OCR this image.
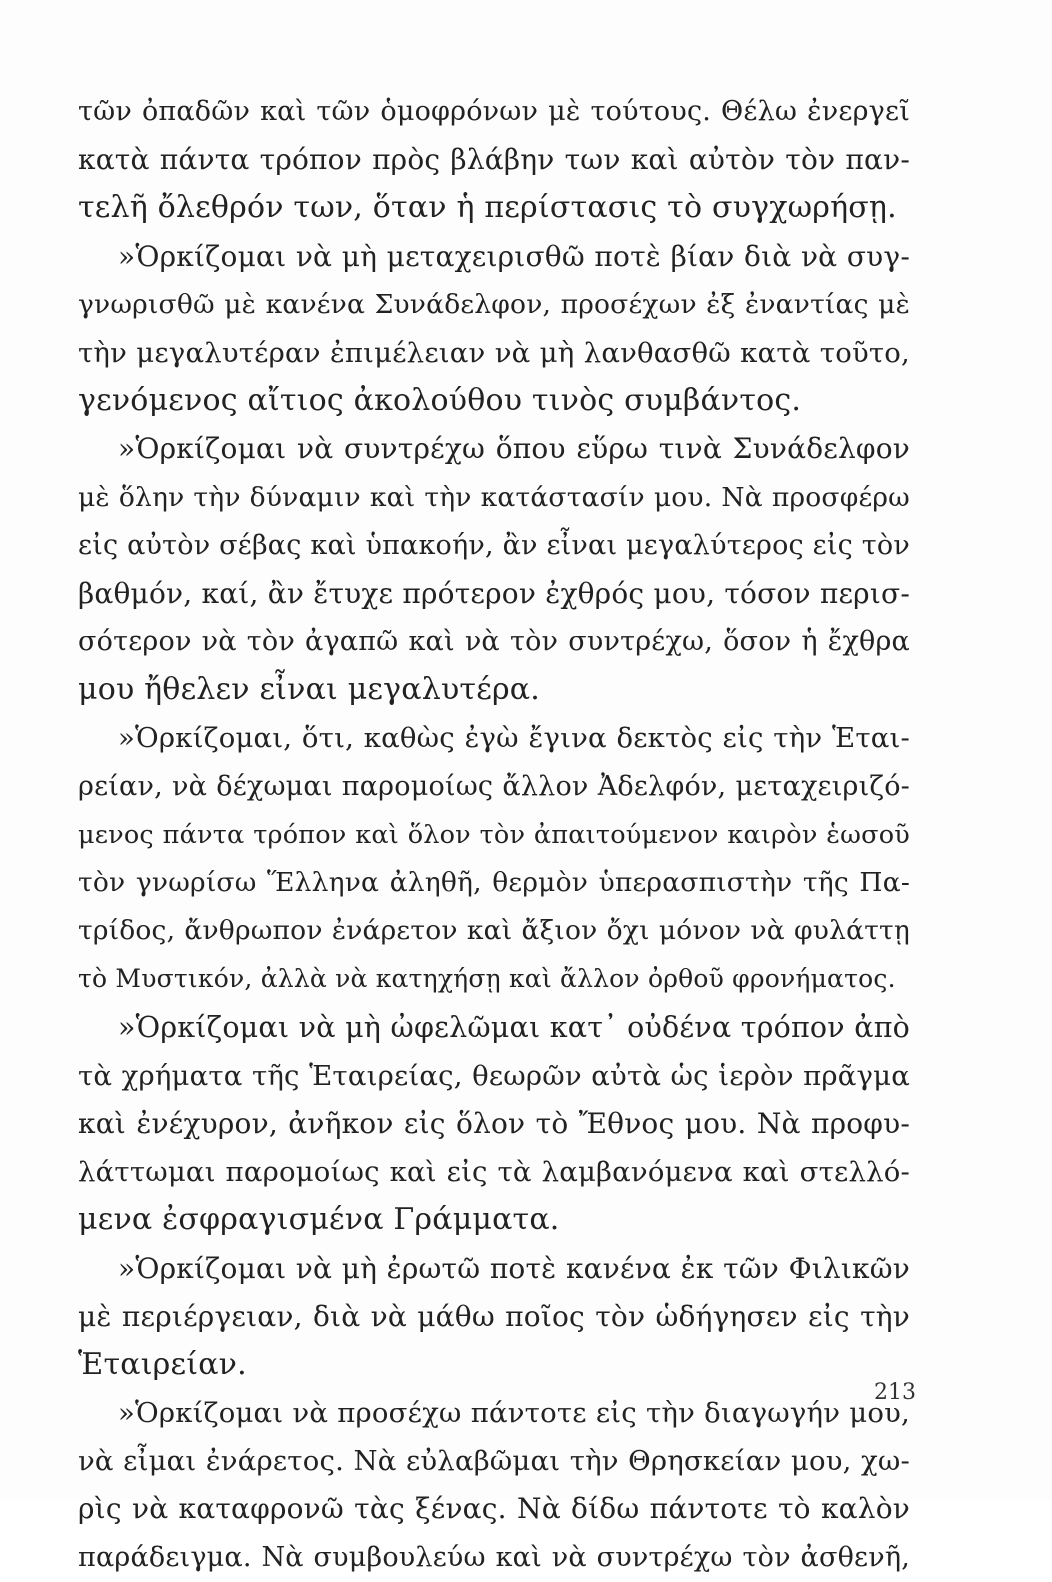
τῶν ὀπαδῶν καὶ τῶν ὁμοφρόνων μὲ τούτους. Θέλω ἐνεργεῖ
κατὰ πάντα τρόπον πρὸς βλάβην των καὶ αὐτὸν τὸν παν-
τελῆ ὄλεθρόν των, ὅταν ἡ περίστασις τὸ συγχωρήσῃ.
»Ὁρκίζομαι νὰ μὴ μεταχειρισθῶ ποτὲ βίαν διὰ νὰ συγ-
γνωρισθῶ μὲ κανένα Συνάδελφον, προσέχων ἐξ ἐναντίας μὲ
τὴν μεγαλυτέραν ἐπιμέλειαν νὰ μὴ λανθασθῶ κατὰ τοῦτο,
γενόμενος αἴτιος ἀκολούθου τινὸς συμβάντος.
»Ὁρκίζομαι νὰ συντρέχω ὅπου εὕρω τινὰ Συνάδελφον
μὲ ὅλην τὴν δύναμιν καὶ τὴν κατάστασίν μου. Νὰ προσφέρω
εἰς αὐτὸν σέβας καὶ ὑπακοήν, ἂν εἶναι μεγαλύτερος εἰς τὸν
βαθμόν, καί, ἂν ἔτυχε πρότερον ἐχθρός μου, τόσον περισ-
σότερον νὰ τὸν ἀγαπῶ καὶ νὰ τὸν συντρέχω, ὅσον ἡ ἔχθρα
μου ἤθελεν εἶναι μεγαλυτέρα.
»Ὁρκίζομαι, ὅτι, καθὼς ἐγὼ ἔγινα δεκτὸς εἰς τὴν Ἑται-
ρείαν, νὰ δέχωμαι παρομοίως ἄλλον Ἀδελφόν, μεταχειριζό-
μενος πάντα τρόπον καὶ ὅλον τὸν ἀπαιτούμενον καιρὸν ἑωσοῦ
τὸν γνωρίσω Ἕλληνα ἀληθῆ, θερμὸν ὑπερασπιστὴν τῆς Πα-
τρίδος, ἄνθρωπον ἐνάρετον καὶ ἄξιον ὄχι μόνον νὰ φυλάττῃ
τὸ Μυστικόν, ἀλλὰ νὰ κατηχήσῃ καὶ ἄλλον ὀρθοῦ φρονήματος.
»Ὁρκίζομαι νὰ μὴ ὠφελῶμαι κατ᾽ οὐδένα τρόπον ἀπὸ
τὰ χρήματα τῆς Ἑταιρείας, θεωρῶν αὐτὰ ὡς ἱερὸν πρᾶγμα
καὶ ἐνέχυρον, ἀνῆκον εἰς ὅλον τὸ Ἔθνος μου. Νὰ προφυ-
λάττωμαι παρομοίως καὶ εἰς τὰ λαμβανόμενα καὶ στελλό-
μενα ἐσφραγισμένα Γράμματα.
»Ὁρκίζομαι νὰ μὴ ἐρωτῶ ποτὲ κανένα ἐκ τῶν Φιλικῶν
μὲ περιέργειαν, διὰ νὰ μάθω ποῖος τὸν ὡδήγησεν εἰς τὴν
Ἑταιρείαν.
»Ὁρκίζομαι νὰ προσέχω πάντοτε εἰς τὴν διαγωγήν μου,
νὰ εἶμαι ἐνάρετος. Νὰ εὐλαβῶμαι τὴν Θρησκείαν μου, χω-
ρὶς νὰ καταφρονῶ τὰς ξένας. Νὰ δίδω πάντοτε τὸ καλὸν
παράδειγμα. Νὰ συμβουλεύω καὶ νὰ συντρέχω τὸν ἀσθενῆ,
213
